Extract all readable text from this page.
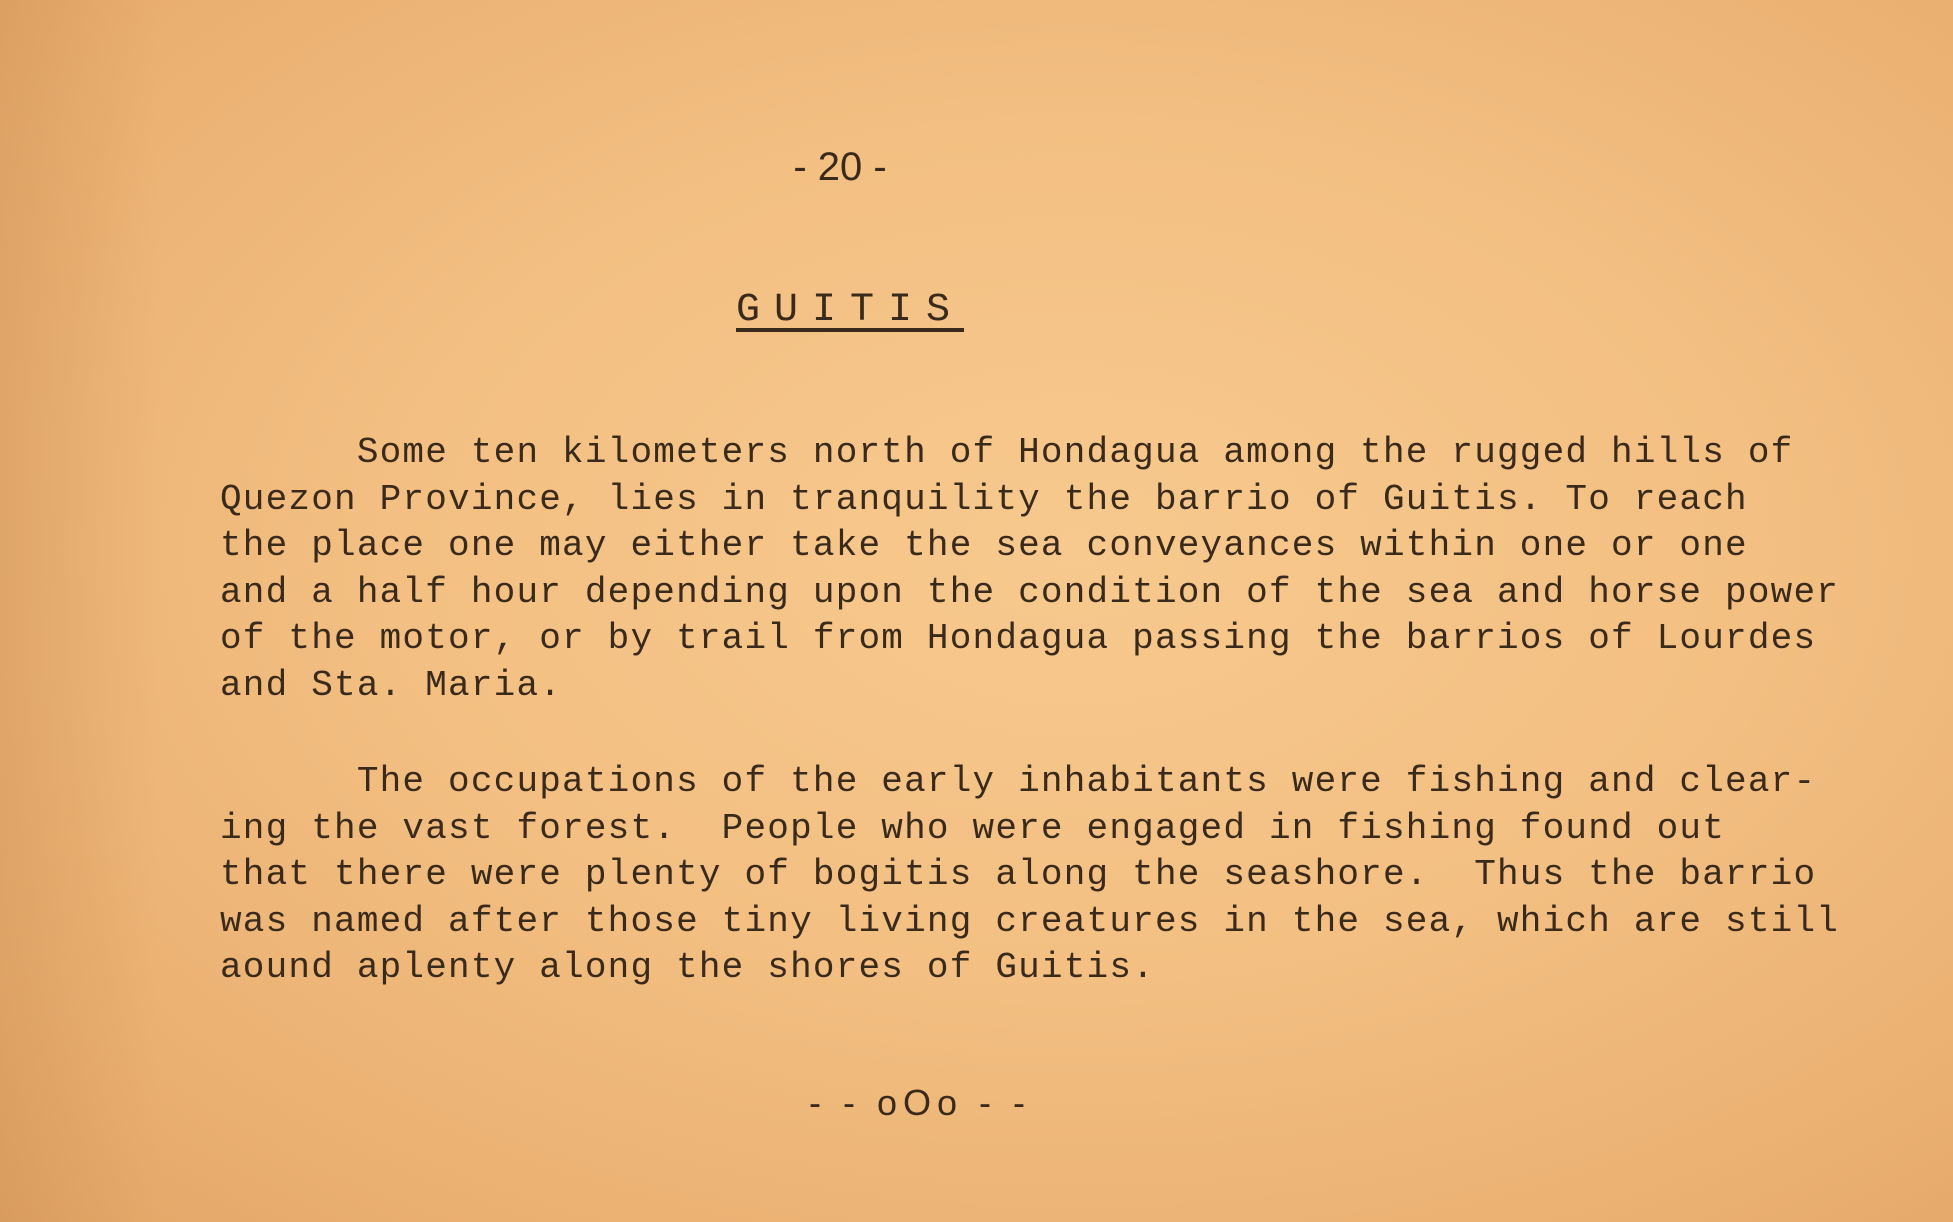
- 20 -
GUITIS

Some ten kilometers north of Hondagua among the rugged hills of
Quezon Province, lies in tranquility the barrio of Guitis. To reach
the place one may either take the sea conveyances within one or one
and a half hour depending upon the condition of the sea and horse power
of the motor, or by trail from Hondagua passing the barrios of Lourdes
and Sta. Maria.

The occupations of the early inhabitants were fishing and clear-
ing the vast forest.  People who were engaged in fishing found out
that there were plenty of bogitis along the seashore.  Thus the barrio
was named after those tiny living creatures in the sea, which are still
aound aplenty along the shores of Guitis.

- - oOo - -
